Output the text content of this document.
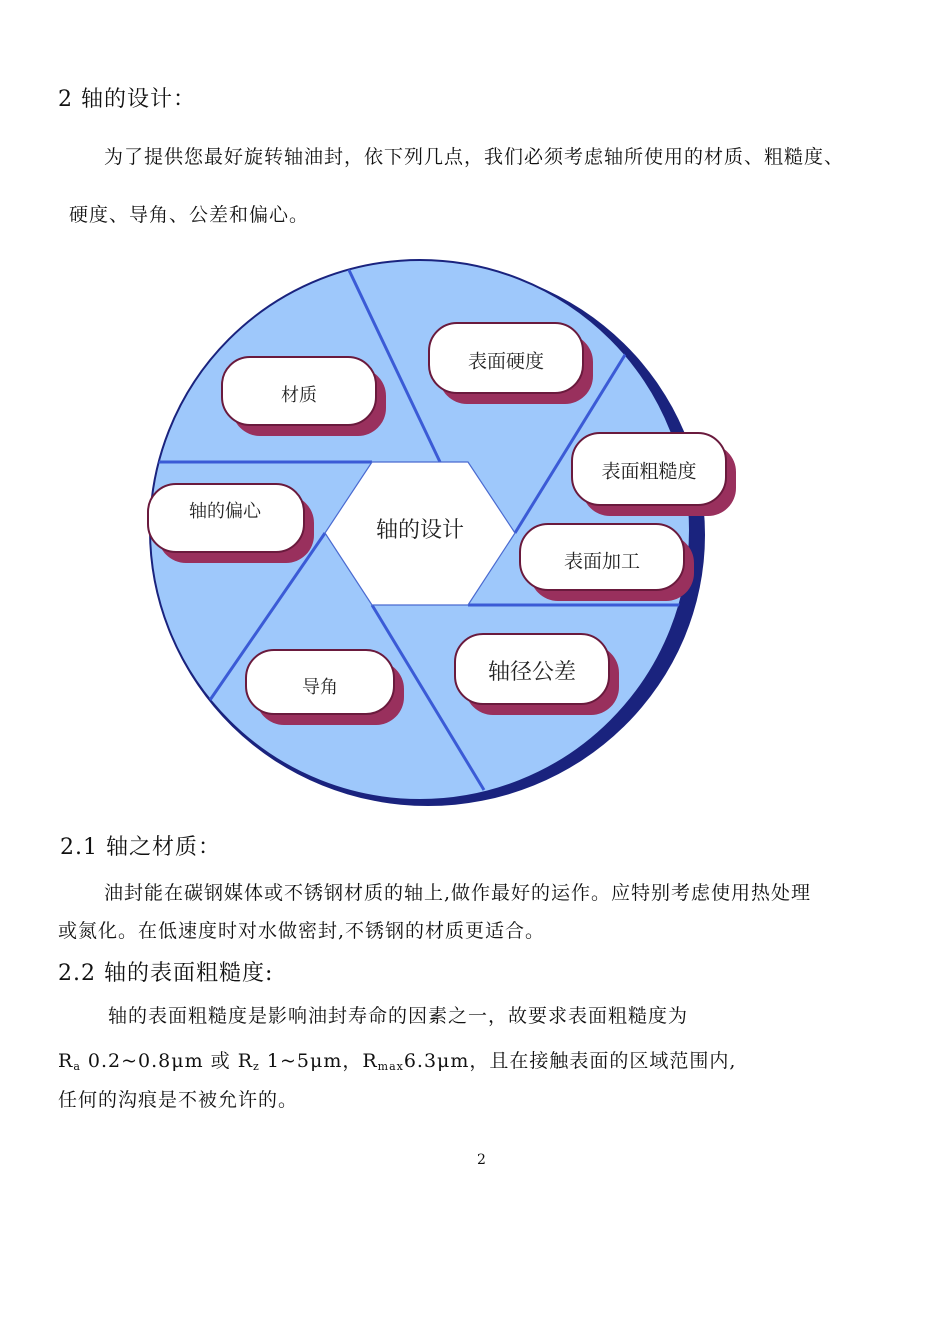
2 轴的设计：
为了提供您最好旋转轴油封，依下列几点，我们必须考虑轴所使用的材质、粗糙度、
硬度、导角、公差和偏心。
轴的设计
材质
表面硬度
表面粗糙度
轴的偏心
表面加工
轴径公差
导角
2.1 轴之材质：
油封能在碳钢媒体或不锈钢材质的轴上,做作最好的运作。应特别考虑使用热处理
或氮化。在低速度时对水做密封,不锈钢的材质更适合。
2.2 轴的表面粗糙度:
轴的表面粗糙度是影响油封寿命的因素之一，故要求表面粗糙度为
$R_a$ 0.2~0.8μm 或 $R_z$ 1~5μm，$R_{max}6.3\mu m$，且在接触表面的区域范围内,
任何的沟痕是不被允许的。
2
